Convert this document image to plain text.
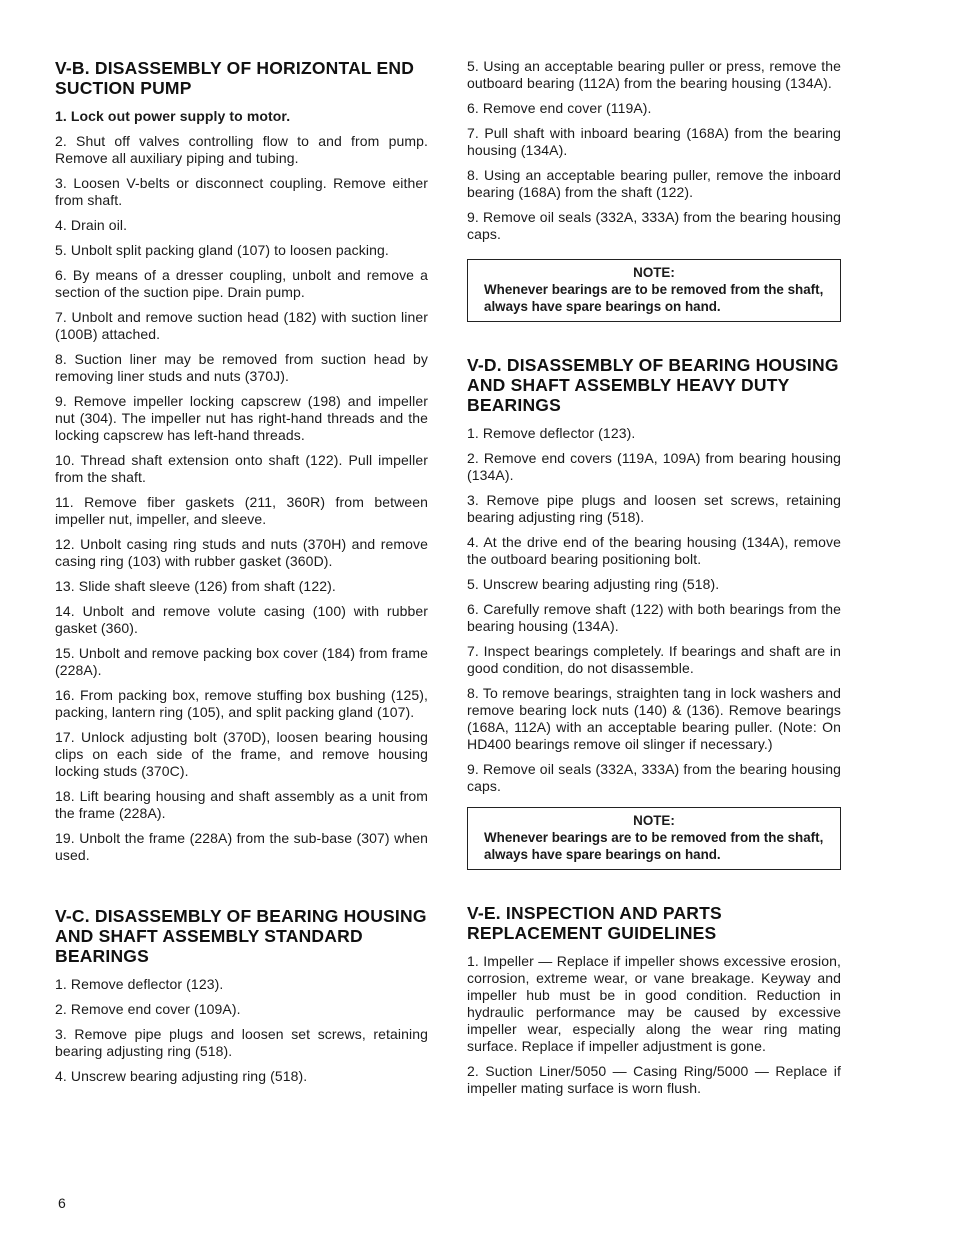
V-B. DISASSEMBLY OF HORIZONTAL END SUCTION PUMP

1. Lock out power supply to motor.

2. Shut off valves controlling flow to and from pump. Remove all auxiliary piping and tubing.

3. Loosen V-belts or disconnect coupling. Remove either from shaft.

4. Drain oil.

5. Unbolt split packing gland (107) to loosen packing.

6. By means of a dresser coupling, unbolt and remove a section of the suction pipe. Drain pump.

7. Unbolt and remove suction head (182) with suction liner (100B) attached.

8. Suction liner may be removed from suction head by removing liner studs and nuts (370J).

9. Remove impeller locking capscrew (198) and impeller nut (304). The impeller nut has right-hand threads and the locking capscrew has left-hand threads.

10. Thread shaft extension onto shaft (122). Pull impeller from the shaft.

11. Remove fiber gaskets (211, 360R) from between impeller nut, impeller, and sleeve.

12. Unbolt casing ring studs and nuts (370H) and remove casing ring (103) with rubber gasket (360D).

13. Slide shaft sleeve (126) from shaft (122).

14. Unbolt and remove volute casing (100) with rubber gasket (360).

15. Unbolt and remove packing box cover (184) from frame (228A).

16. From packing box, remove stuffing box bushing (125), packing, lantern ring (105), and split packing gland (107).

17. Unlock adjusting bolt (370D), loosen bearing housing clips on each side of the frame, and remove housing locking studs (370C).

18. Lift bearing housing and shaft assembly as a unit from the frame (228A).

19. Unbolt the frame (228A) from the sub-base (307) when used.

V-C. DISASSEMBLY OF BEARING HOUSING AND SHAFT ASSEMBLY STANDARD BEARINGS

1. Remove deflector (123).

2. Remove end cover (109A).

3. Remove pipe plugs and loosen set screws, retaining bearing adjusting ring (518).

4. Unscrew bearing adjusting ring (518).

5. Using an acceptable bearing puller or press, remove the outboard bearing (112A) from the bearing housing (134A).

6. Remove end cover (119A).

7. Pull shaft with inboard bearing (168A) from the bearing housing (134A).

8. Using an acceptable bearing puller, remove the inboard bearing (168A) from the shaft (122).

9. Remove oil seals (332A, 333A) from the bearing housing caps.

NOTE:
Whenever bearings are to be removed from the shaft, always have spare bearings on hand.
V-D. DISASSEMBLY OF BEARING HOUSING AND SHAFT ASSEMBLY HEAVY DUTY BEARINGS

1. Remove deflector (123).

2. Remove end covers (119A, 109A) from bearing housing (134A).

3. Remove pipe plugs and loosen set screws, retaining bearing adjusting ring (518).

4. At the drive end of the bearing housing (134A), remove the outboard bearing positioning bolt.

5. Unscrew bearing adjusting ring (518).

6. Carefully remove shaft (122) with both bearings from the bearing housing (134A).

7. Inspect bearings completely. If bearings and shaft are in good condition, do not disassemble.

8. To remove bearings, straighten tang in lock washers and remove bearing lock nuts (140) & (136). Remove bearings (168A, 112A) with an acceptable bearing puller. (Note: On HD400 bearings remove oil slinger if necessary.)

9. Remove oil seals (332A, 333A) from the bearing housing caps.

NOTE:
Whenever bearings are to be removed from the shaft, always have spare bearings on hand.
V-E. INSPECTION AND PARTS REPLACEMENT GUIDELINES

1. Impeller — Replace if impeller shows excessive erosion, corrosion, extreme wear, or vane breakage. Keyway and impeller hub must be in good condition. Reduction in hydraulic performance may be caused by excessive impeller wear, especially along the wear ring mating surface. Replace if impeller adjustment is gone.

2. Suction Liner/5050 — Casing Ring/5000 — Replace if impeller mating surface is worn flush.

6
